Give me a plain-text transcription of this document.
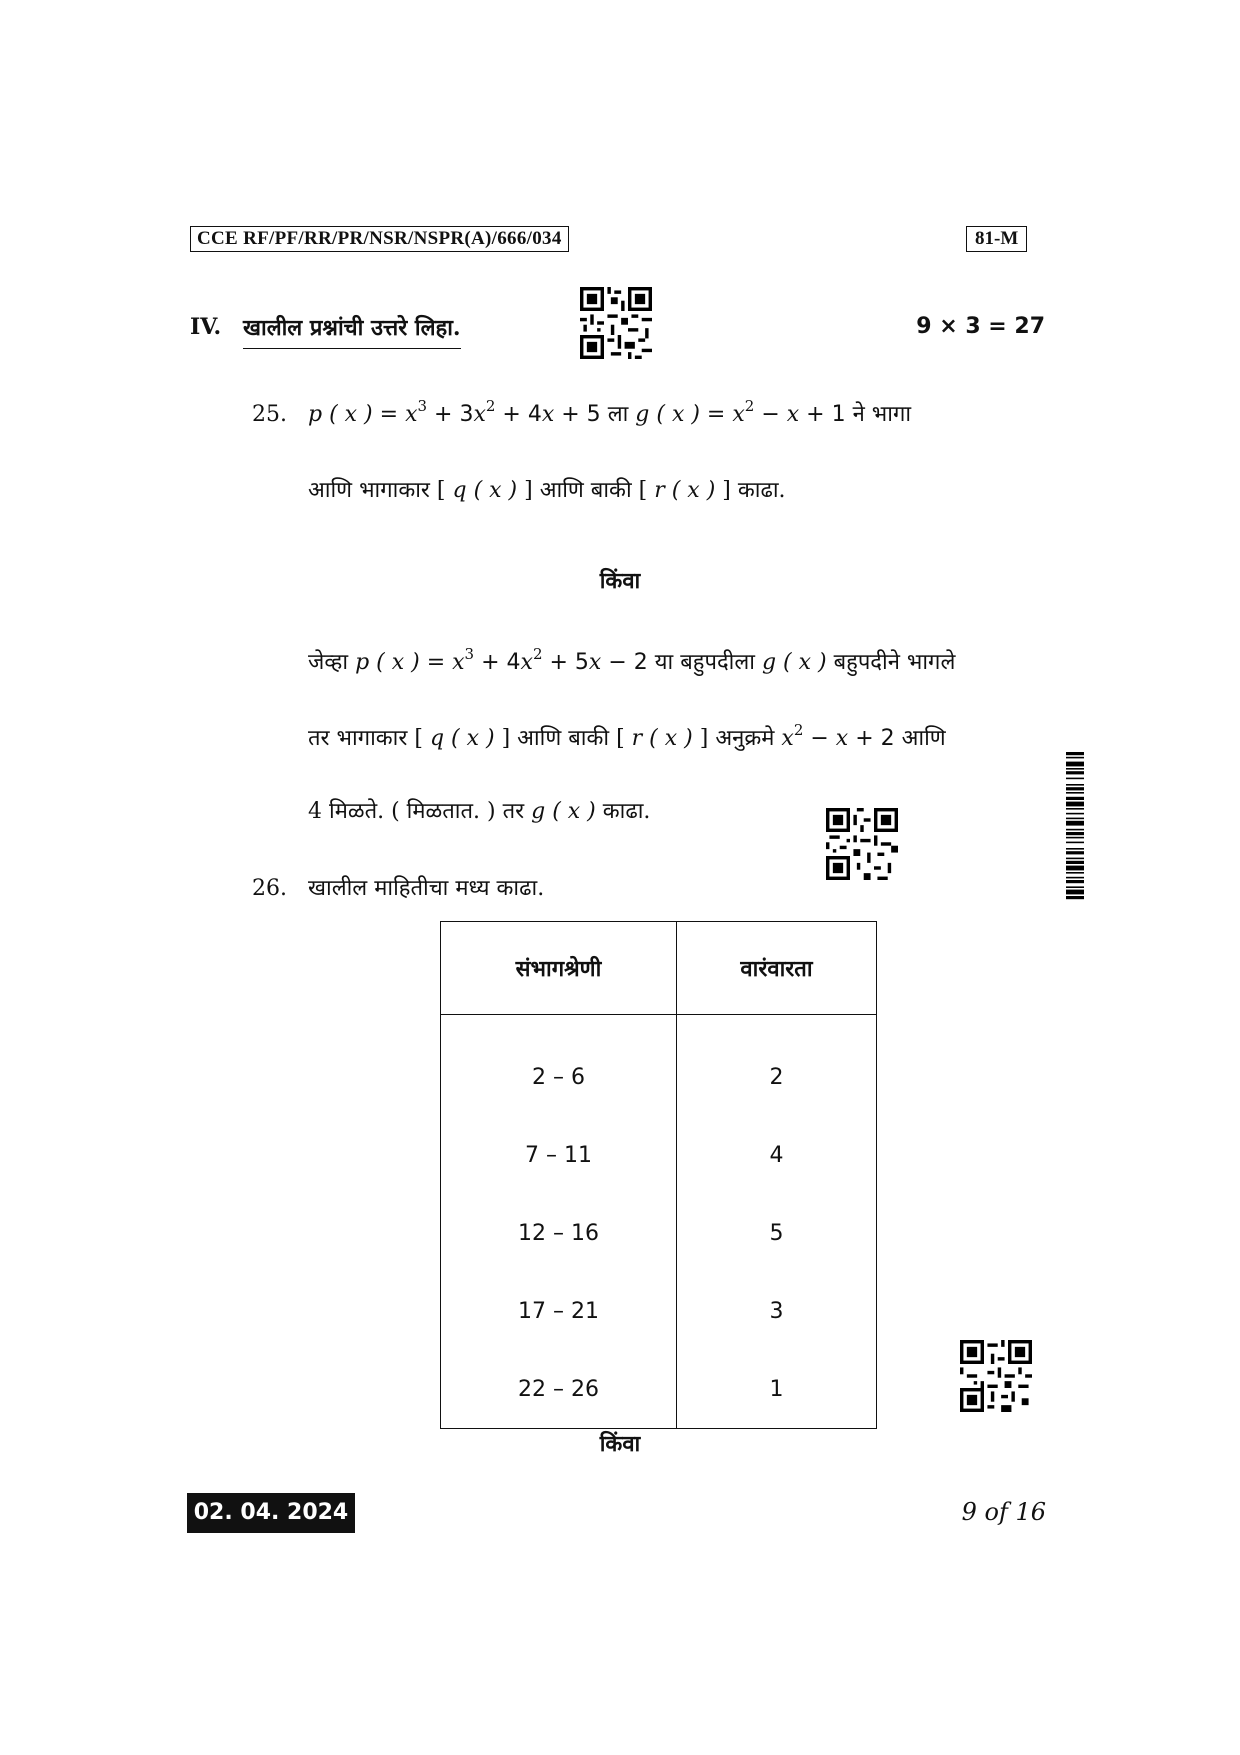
CCE RF/PF/RR/PR/NSR/NSPR(A)/666/034	81-M
IV. खालील प्रश्नांची उत्तरे लिहा.	9 × 3 = 27
25. p ( x ) = $x^3 + 3x^2 + 4x + 5$ ला g ( x ) = $x^2 - x + 1$ ने भागा
आणि भागाकार [ q ( x ) ] आणि बाकी [ r ( x ) ] काढा.
किंवा
जेव्हा p ( x ) = $x^3 + 4x^2 + 5x - 2$ या बहुपदीला g ( x ) बहुपदीने भागले
तर भागाकार [ q ( x ) ] आणि बाकी [ r ( x ) ] अनुक्रमे $x^2 - x + 2$ आणि
4 मिळते. ( मिळतात. ) तर g ( x ) काढा.
26. खालील माहितीचा मध्य काढा.
संभागश्रेणी	वारंवारता
2 – 6	2
7 – 11	4
12 – 16	5
17 – 21	3
22 – 26	1
किंवा
02. 04. 2024	9 of 16
